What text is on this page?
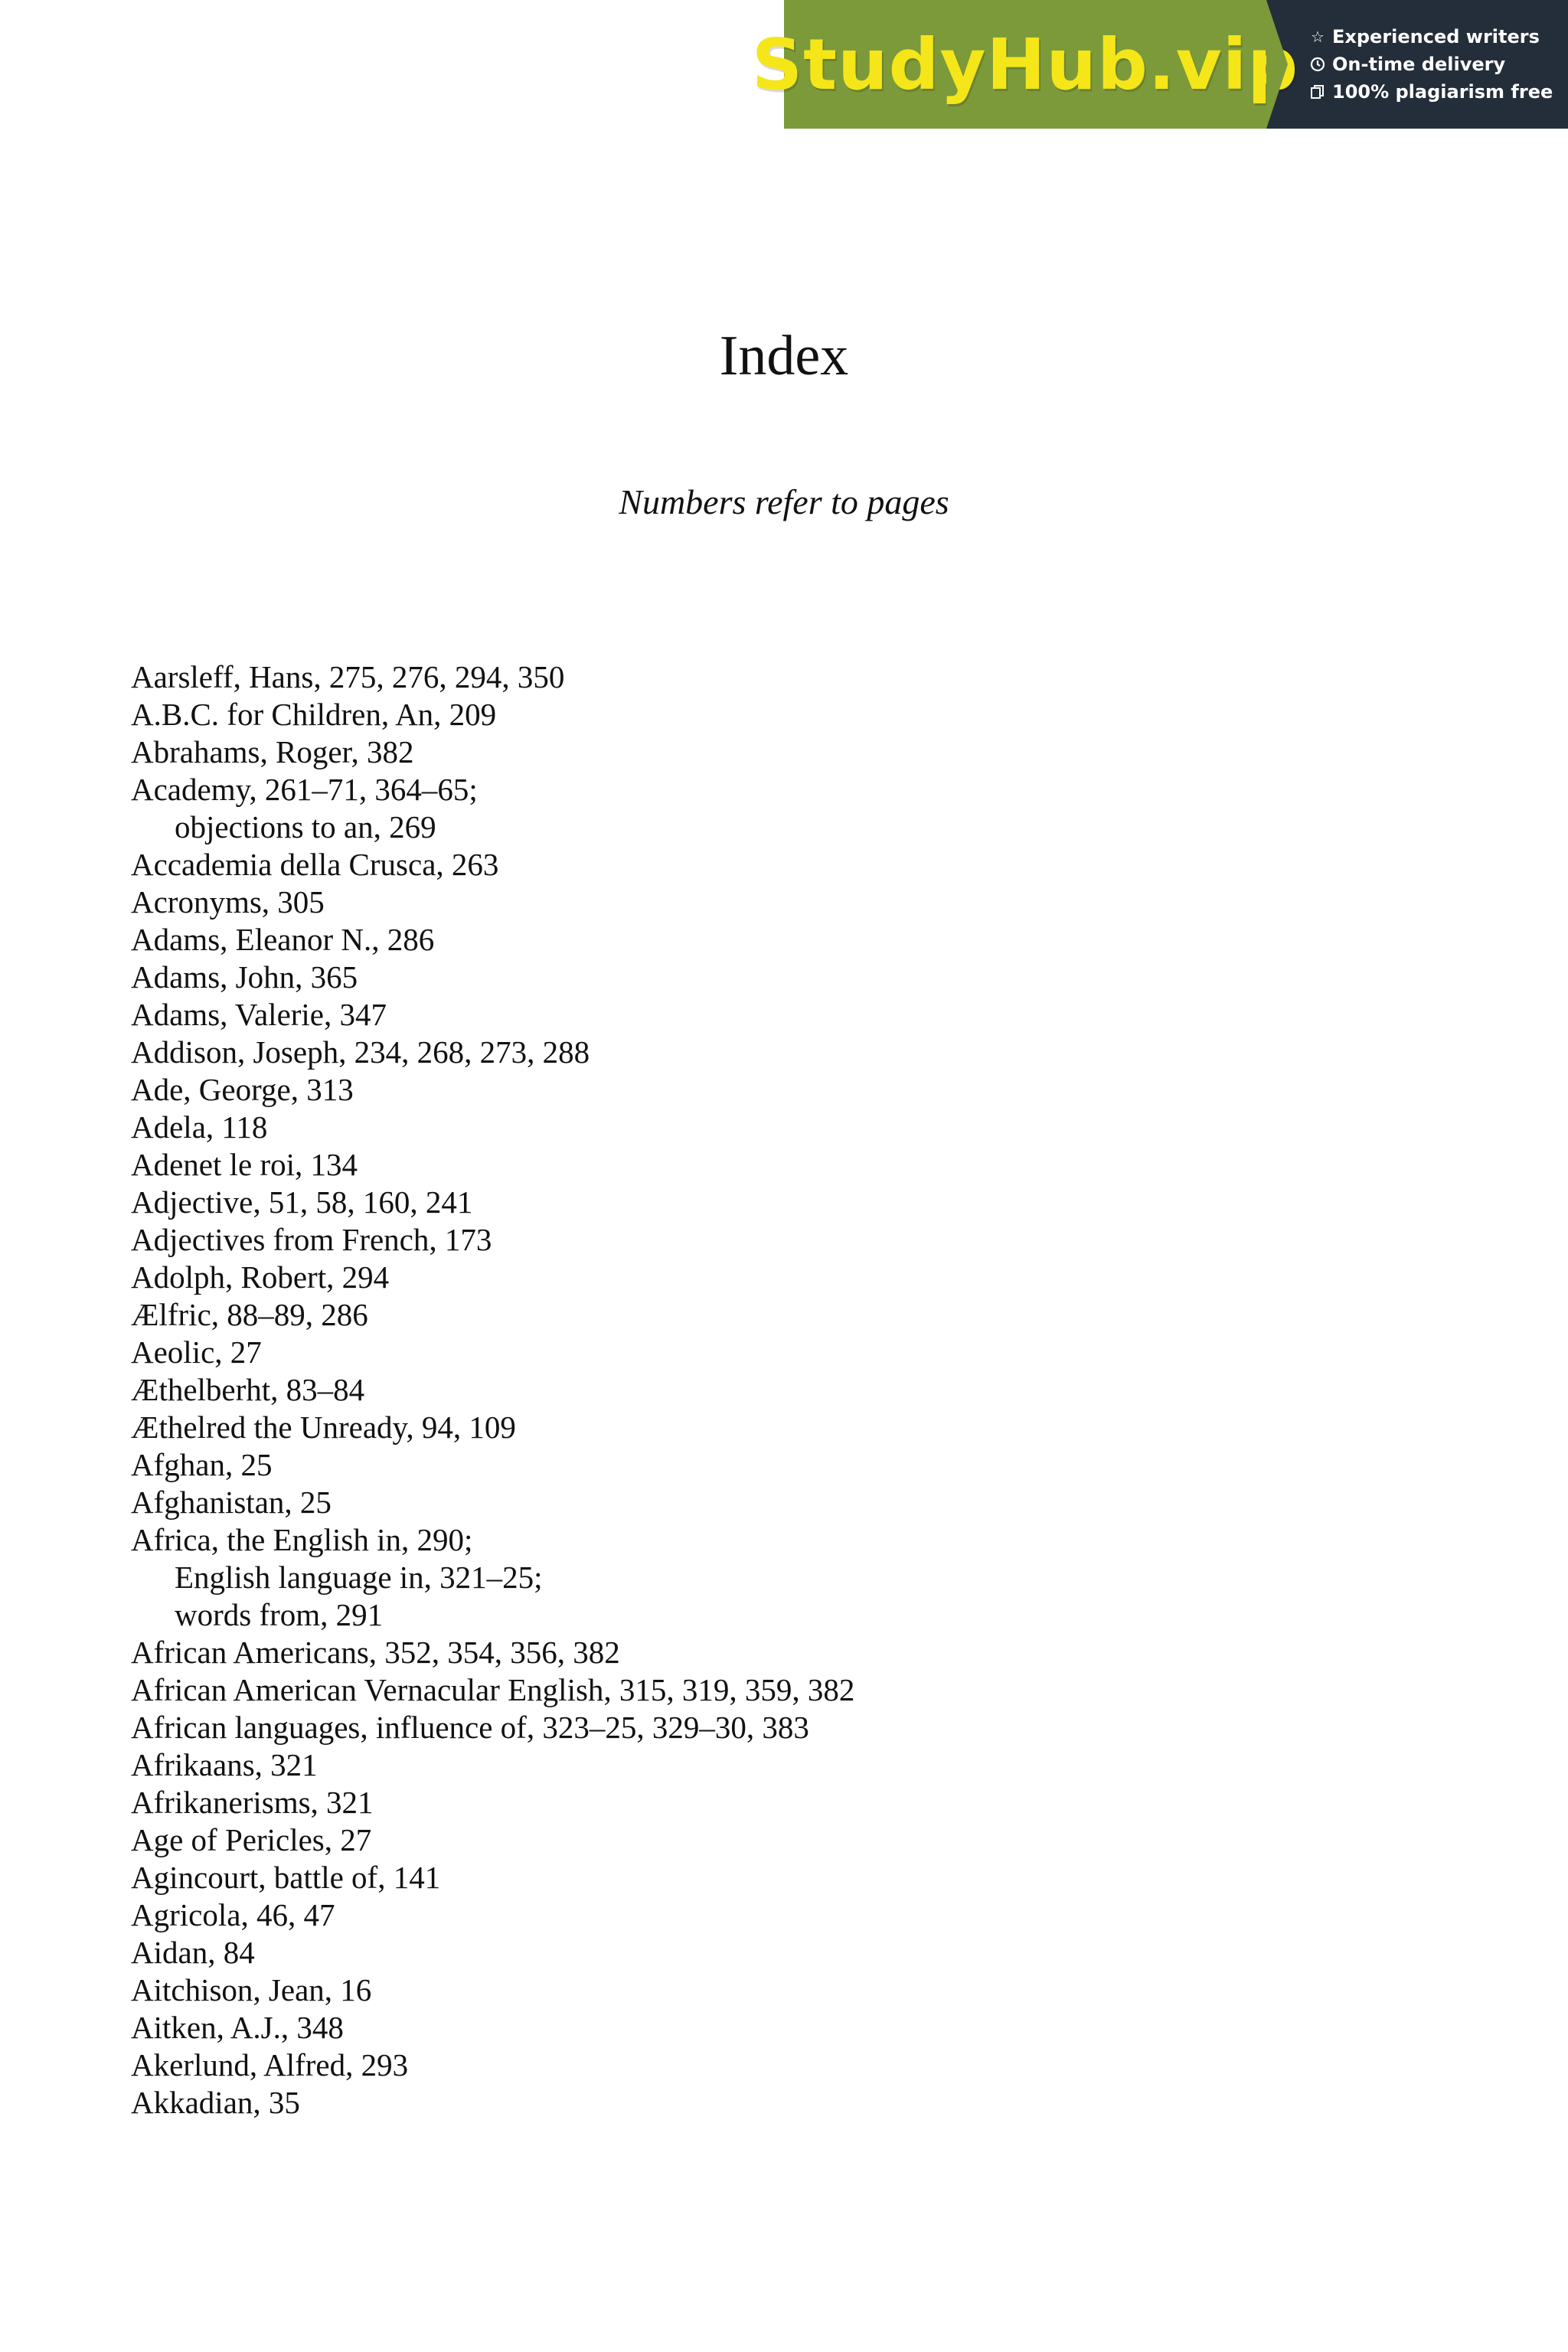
StudyHub.vip ☆ Experienced writers
On-time delivery
100% plagiarism free
Index
Numbers refer to pages
Aarsleff, Hans, 275, 276, 294, 350
A.B.C. for Children, An, 209
Abrahams, Roger, 382
Academy, 261–71, 364–65;
objections to an, 269
Accademia della Crusca, 263
Acronyms, 305
Adams, Eleanor N., 286
Adams, John, 365
Adams, Valerie, 347
Addison, Joseph, 234, 268, 273, 288
Ade, George, 313
Adela, 118
Adenet le roi, 134
Adjective, 51, 58, 160, 241
Adjectives from French, 173
Adolph, Robert, 294
Ælfric, 88–89, 286
Aeolic, 27
Æthelberht, 83–84
Æthelred the Unready, 94, 109
Afghan, 25
Afghanistan, 25
Africa, the English in, 290;
English language in, 321–25;
words from, 291
African Americans, 352, 354, 356, 382
African American Vernacular English, 315, 319, 359, 382
African languages, influence of, 323–25, 329–30, 383
Afrikaans, 321
Afrikanerisms, 321
Age of Pericles, 27
Agincourt, battle of, 141
Agricola, 46, 47
Aidan, 84
Aitchison, Jean, 16
Aitken, A.J., 348
Akerlund, Alfred, 293
Akkadian, 35
